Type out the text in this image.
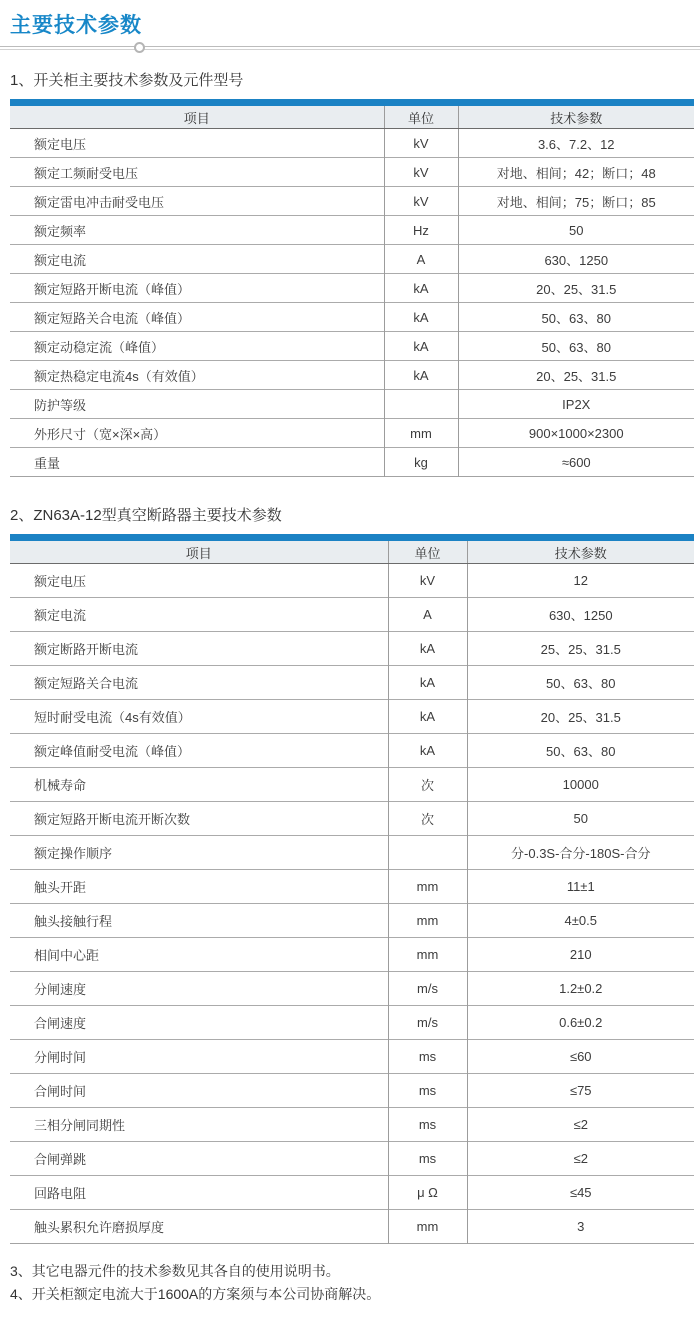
主要技术参数
1、开关柜主要技术参数及元件型号
项目	单位	技术参数
额定电压	kV	3.6、7.2、12
额定工频耐受电压	kV	对地、相间；42；断口；48
额定雷电冲击耐受电压	kV	对地、相间；75；断口；85
额定频率	Hz	50
额定电流	A	630、1250
额定短路开断电流（峰值）	kA	20、25、31.5
额定短路关合电流（峰值）	kA	50、63、80
额定动稳定流（峰值）	kA	50、63、80
额定热稳定电流4s（有效值）	kA	20、25、31.5
防护等级		IP2X
外形尺寸（宽×深×高）	mm	900×1000×2300
重量	kg	≈600
2、ZN63A-12型真空断路器主要技术参数
项目	单位	技术参数
额定电压	kV	12
额定电流	A	630、1250
额定断路开断电流	kA	25、25、31.5
额定短路关合电流	kA	50、63、80
短时耐受电流（4s有效值）	kA	20、25、31.5
额定峰值耐受电流（峰值）	kA	50、63、80
机械寿命	次	10000
额定短路开断电流开断次数	次	50
额定操作顺序		分-0.3S-合分-180S-合分
触头开距	mm	11±1
触头接触行程	mm	4±0.5
相间中心距	mm	210
分闸速度	m/s	1.2±0.2
合闸速度	m/s	0.6±0.2
分闸时间	ms	≤60
合闸时间	ms	≤75
三相分闸同期性	ms	≤2
合闸弹跳	ms	≤2
回路电阻	μ Ω	≤45
触头累积允许磨损厚度	mm	3
3、其它电器元件的技术参数见其各自的使用说明书。
4、开关柜额定电流大于1600A的方案须与本公司协商解决。
